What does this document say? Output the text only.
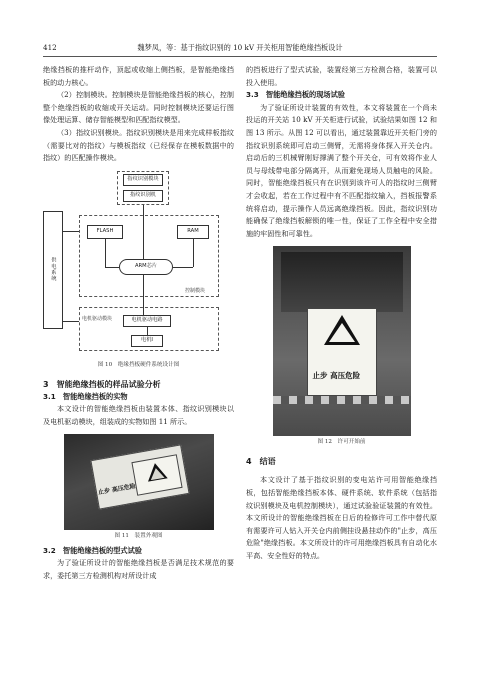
412	魏梦凤，等：基于指纹识别的 10 kV 开关柜用智能绝缘挡板设计

绝缘挡板的推杆动作，顶起或收缩上侧挡板，是智能绝缘挡板的动力核心。

（2）控制模块。控制模块是智能绝缘挡板的核心，控制整个绝缘挡板的收缩或开关运动。同时控制模块还要运行图像处理运算、储存智能模型和匹配指纹模型。

（3）指纹识别模块。指纹识别模块是用来完成样板指纹（需要比对的指纹）与模板指纹（已经保存在模板数据中的指纹）的匹配操作模块。

指纹识别模块
指纹识别机
FLASH	RAM
ARM芯片
控制模块
供电系统
电机驱动模块	电机驱动电路
电机I
图 10　绝缘挡板硬件系统设计图
3　智能绝缘挡板的样品试验分析
3.1　智能绝缘挡板的实物

本文设计的智能绝缘挡板由装置本体、指纹识别模块以及电机驱动模块，组装成的实物如图 11 所示。

止步 高压危险
图 11　装置外观图
3.2　智能绝缘挡板的型式试验

为了验证所设计的智能绝缘挡板是否满足技术规范的要求，委托第三方检测机构对所设计成

的挡板进行了型式试验，装置经第三方检测合格，装置可以投入使用。

3.3　智能绝缘挡板的现场试验

为了验证所设计装置的有效性，本文将装置在一个尚未投运的开关站 10 kV 开关柜进行试验，试验结果如图 12 和图 13 所示。从图 12 可以看出，通过装置靠近开关柜门旁的指纹识别系统即可启动三侧臂，无需将身体探入开关仓内。启动后的三机械臂刚好撑满了整个开关仓，可有效将作业人员与母线带电部分隔离开，从而避免现场人员触电的风险。同时，智能绝缘挡板只有在识别到该许可人的指纹时三侧臂才会收起，若在工作过程中有不匹配指纹输入，挡板报警系统将启动，提示操作人员远离绝缘挡板。因此，指纹识别功能确保了绝缘挡板解锁的唯一性，保证了工作全程中安全措施的牢固性和可靠性。

止步 高压危险
图 12　许可开始前
4　结语

本文设计了基于指纹识别的变电站许可用智能绝缘挡板，包括智能绝缘挡板本体、硬件系统、软件系统（包括指纹识别模块及电机控制模块），通过试验验证装置的有效性。本文所设计的智能绝缘挡板在日后的检修许可工作中替代原有需要许可人钻入开关仓内前侧挂设悬挂动作的"止步，高压危险"绝缘挡板。本文所设计的许可用绝缘挡板具有自动化水平高、安全性好的特点。
